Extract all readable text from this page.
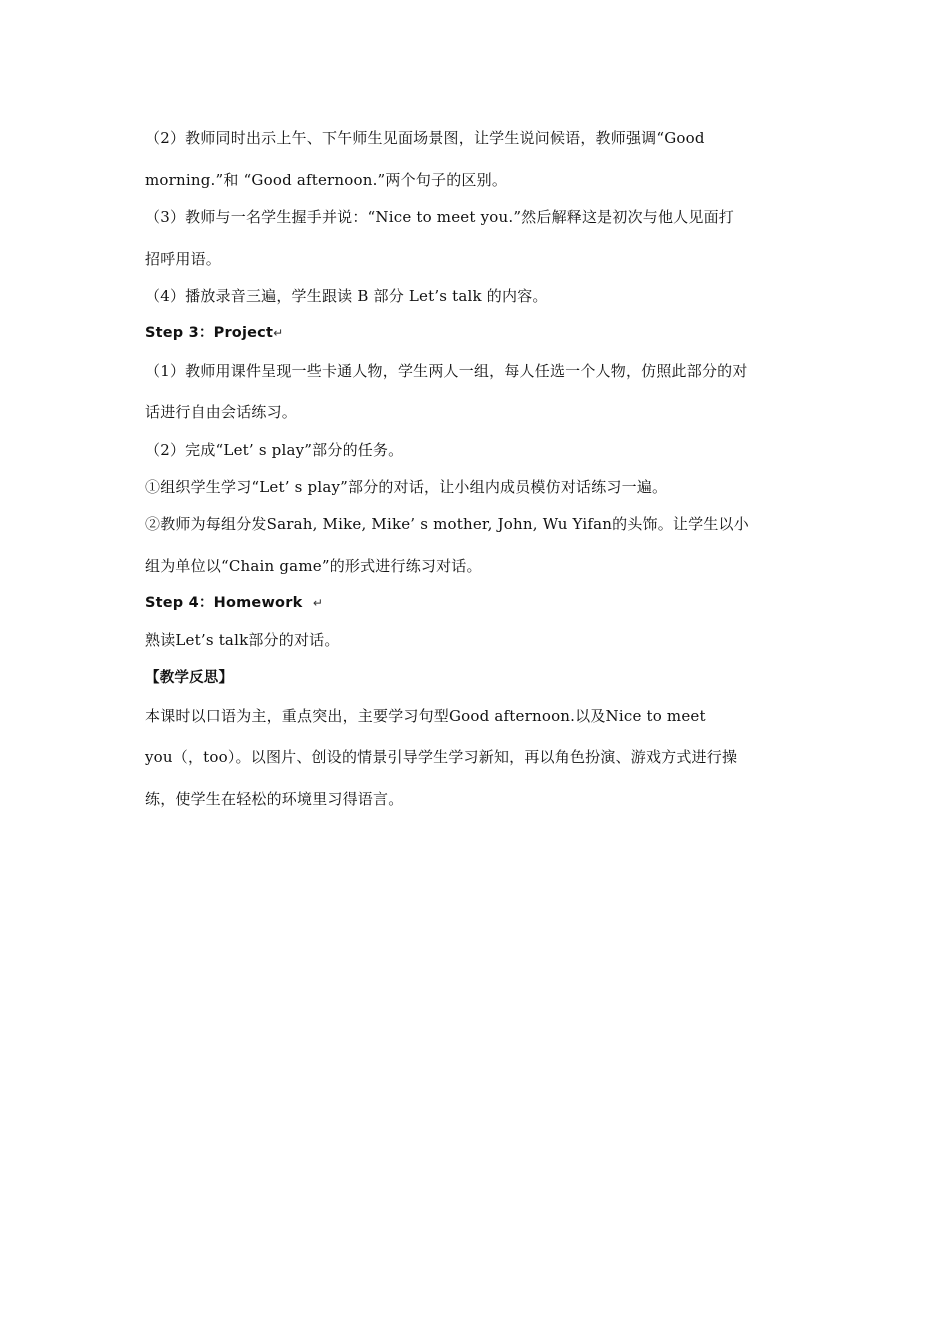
（2）教师同时出示上午、下午师生见面场景图，让学生说问候语，教师强调“Good
morning.”和 “Good afternoon.”两个句子的区别。
（3）教师与一名学生握手并说：“Nice to meet you.”然后解释这是初次与他人见面打
招呼用语。
（4）播放录音三遍，学生跟读 B 部分 Let’s talk 的内容。
Step 3：Project↵
（1）教师用课件呈现一些卡通人物，学生两人一组，每人任选一个人物，仿照此部分的对
话进行自由会话练习。
（2）完成“Let’ s play”部分的任务。
①组织学生学习“Let’ s play”部分的对话，让小组内成员模仿对话练习一遍。
②教师为每组分发Sarah, Mike, Mike’ s mother, John, Wu Yifan的头饰。让学生以小
组为单位以“Chain game”的形式进行练习对话。
Step 4：Homework  ↵
熟读Let’s talk部分的对话。
【教学反思】
本课时以口语为主，重点突出，主要学习句型Good afternoon.以及Nice to meet
you（，too）。以图片、创设的情景引导学生学习新知，再以角色扮演、游戏方式进行操
练，使学生在轻松的环境里习得语言。
